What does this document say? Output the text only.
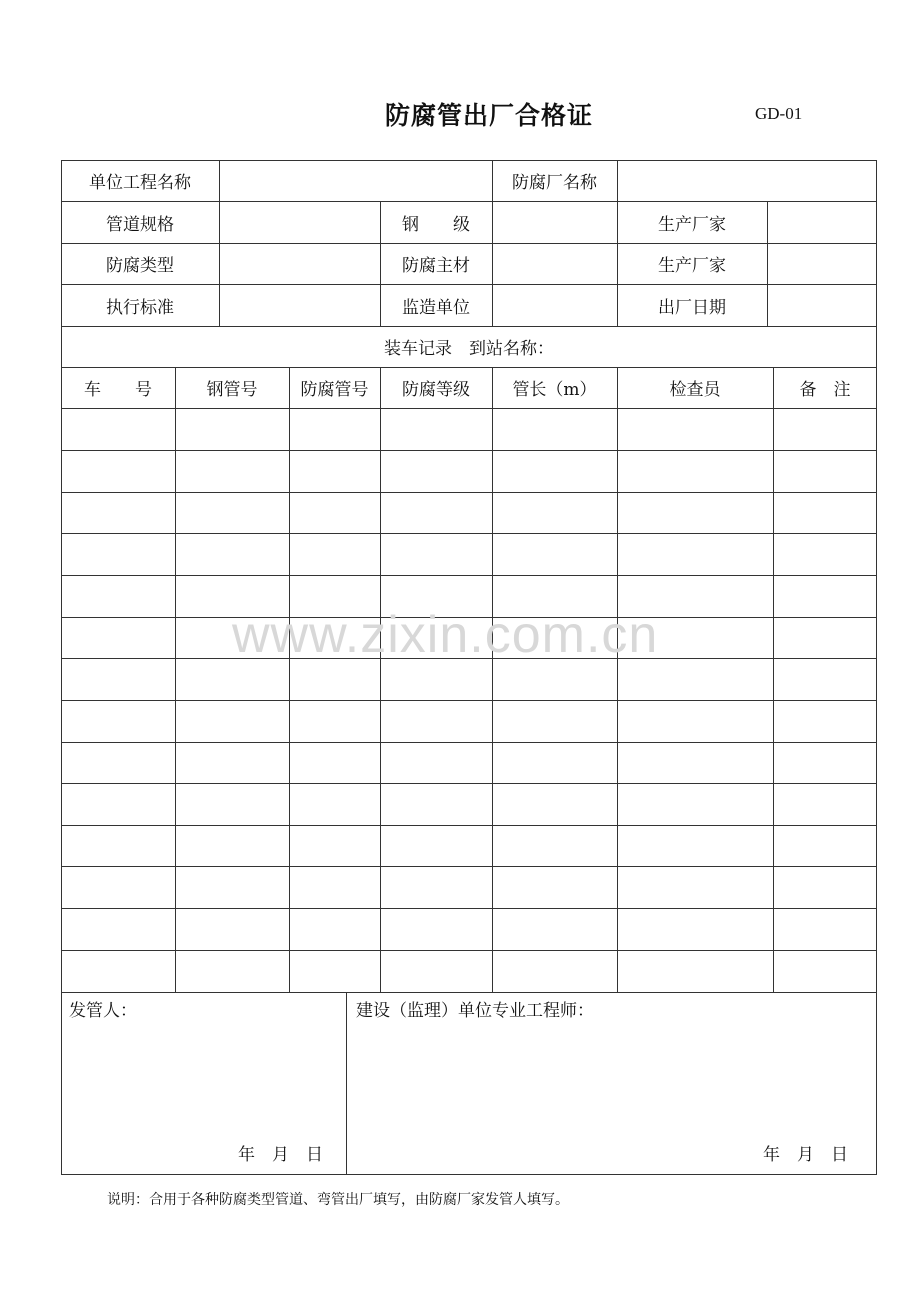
防腐管出厂合格证	GD-01
单位工程名称	防腐厂名称
管道规格	钢　　级	生产厂家
防腐类型	防腐主材	生产厂家
执行标准	监造单位	出厂日期
装车记录　到站名称：
车　　号	钢管号	防腐管号	防腐等级	管长（m）	检查员	备　注
www.zixin.com.cn
发管人：
年　月　日
建设（监理）单位专业工程师：
年　月　日
说明：合用于各种防腐类型管道、弯管出厂填写，由防腐厂家发管人填写。
